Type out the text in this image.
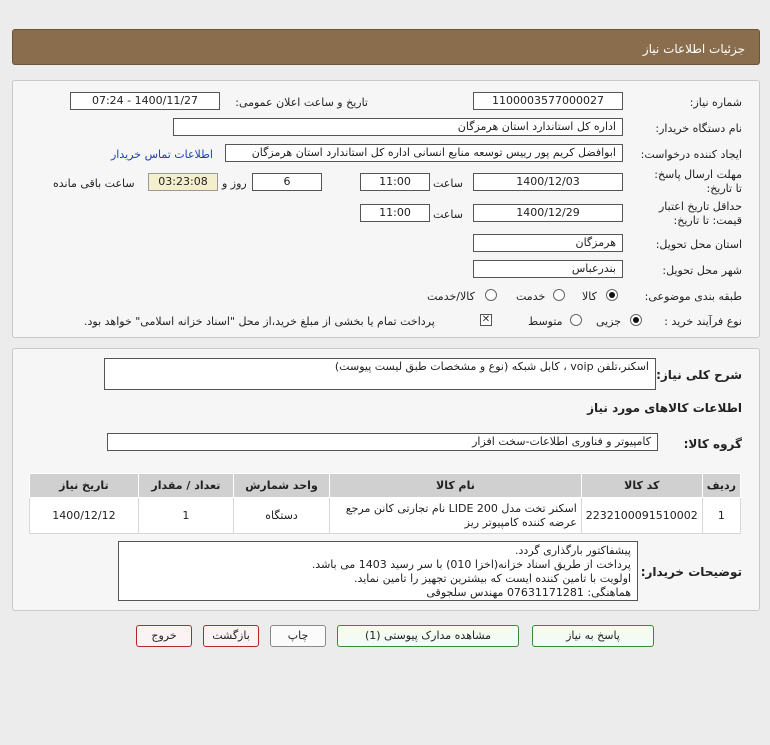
جزئیات اطلاعات نیاز
شماره نیاز:
1100003577000027
تاریخ و ساعت اعلان عمومی:
1400/11/27 - 07:24
نام دستگاه خریدار:
اداره کل استاندارد استان هرمزگان
ایجاد کننده درخواست:
ابوافضل کریم پور رییس توسعه منابع انسانی اداره کل استاندارد استان هرمزگان
اطلاعات تماس خریدار
مهلت ارسال پاسخ: تا تاریخ:
1400/12/03
ساعت
11:00
6
روز و
03:23:08
ساعت باقی مانده
حداقل تاریخ اعتبار قیمت: تا تاریخ:
1400/12/29
ساعت
11:00
استان محل تحویل:
هرمزگان
شهر محل تحویل:
بندرعباس
طبقه بندی موضوعی:
کالا
خدمت
کالا/خدمت
نوع فرآیند خرید :
جزیی
متوسط
✕
پرداخت تمام یا بخشی از مبلغ خرید،از محل "اسناد خزانه اسلامی" خواهد بود.
شرح کلی نیاز:
اسکنر،تلفن voip ، کابل شبکه (نوع و مشخصات طبق لیست پیوست)
اطلاعات کالاهای مورد نیاز
گروه کالا:
کامپیوتر و فناوری اطلاعات-سخت افزار
ردیف	کد کالا	نام کالا	واحد شمارش	تعداد / مقدار	تاریخ نیاز
1	2232100091510002	اسکنر تخت مدل LIDE 200 نام تجارتی کانن مرجع عرضه کننده کامپیوتر ریز	دستگاه	1	1400/12/12
توضیحات خریدار:
پیشفاکتور بارگذاری گردد.
پرداخت از طریق اسناد خزانه(اخزا 010) با سر رسید 1403 می باشد.
اولویت با تامین کننده ایست که بیشترین تجهیز را تامین نماید.
هماهنگی: 07631171281 مهندس سلجوقی
پاسخ به نیاز
مشاهده مدارک پیوستی (1)
چاپ
بازگشت
خروج
